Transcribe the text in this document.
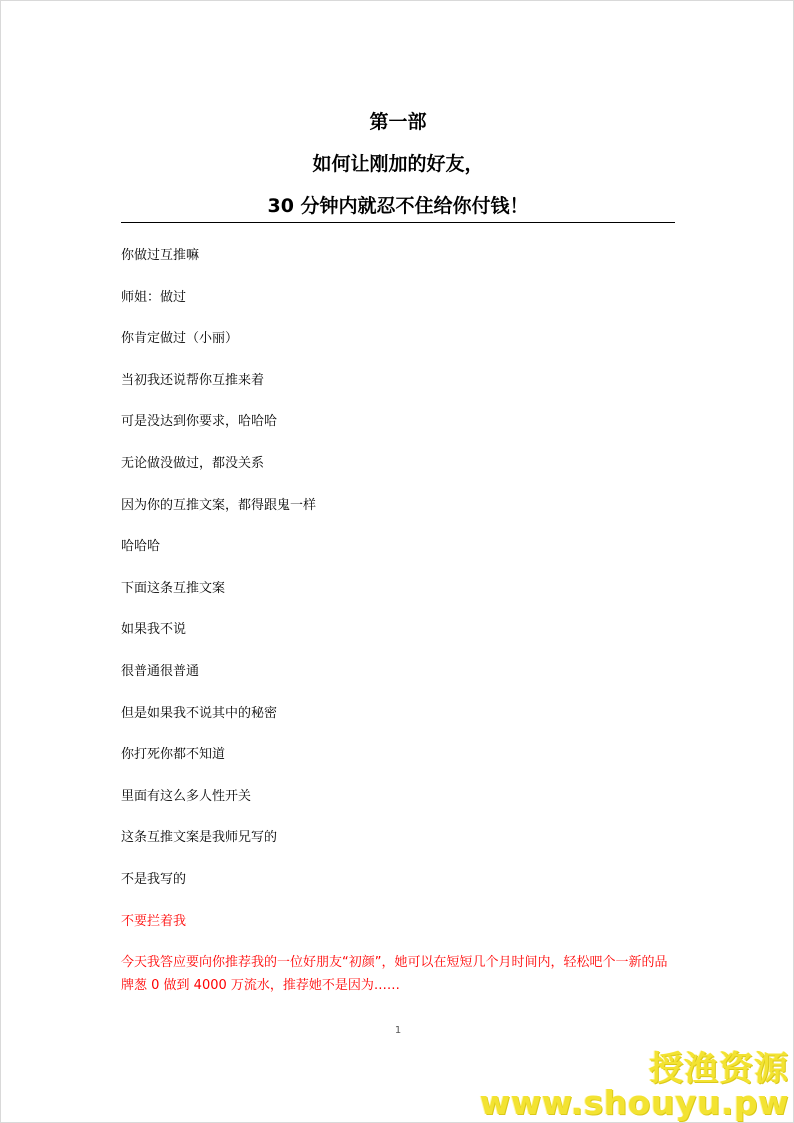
第一部
如何让刚加的好友，
30 分钟内就忍不住给你付钱！
你做过互推嘛
师姐：做过
你肯定做过（小丽）
当初我还说帮你互推来着
可是没达到你要求，哈哈哈
无论做没做过，都没关系
因为你的互推文案，都得跟鬼一样
哈哈哈
下面这条互推文案
如果我不说
很普通很普通
但是如果我不说其中的秘密
你打死你都不知道
里面有这么多人性开关
这条互推文案是我师兄写的
不是我写的
不要拦着我

今天我答应要向你推荐我的一位好朋友“初颜”，她可以在短短几个月时间内，轻松吧个一新的品牌葱 0 做到 4000 万流水，推荐她不是因为……

1
授渔资源
www.shouyu.pw
